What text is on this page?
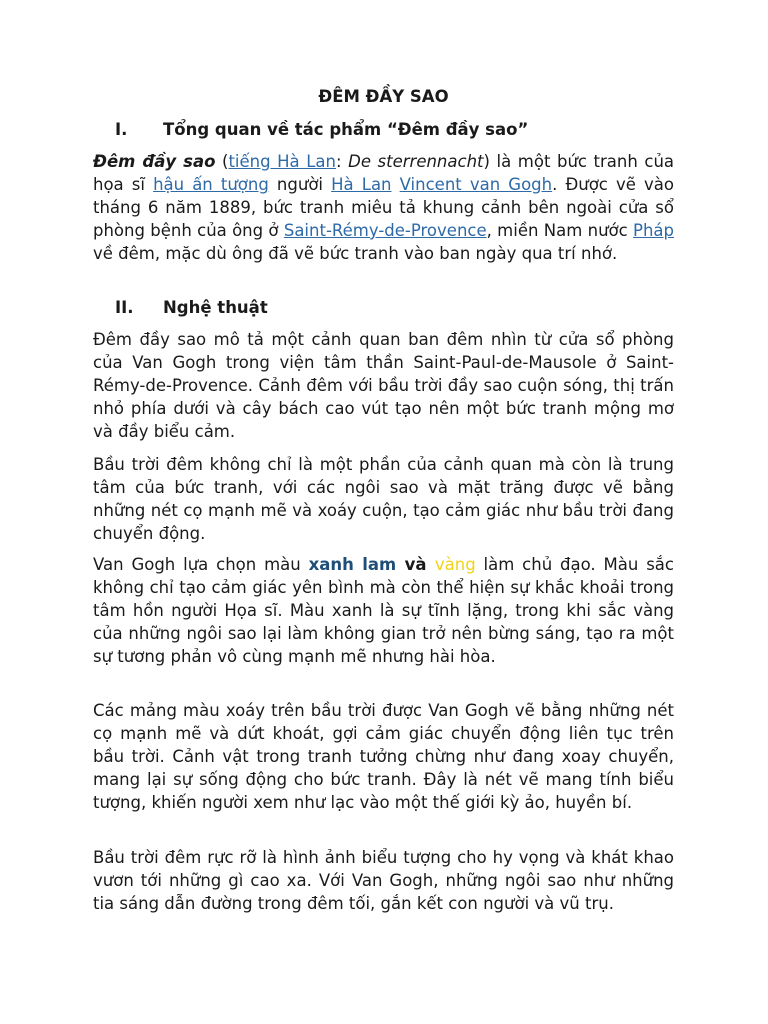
ĐÊM ĐẦY SAO
I. Tổng quan về tác phẩm “Đêm đầy sao”

Đêm đầy sao (tiếng Hà Lan: De sterrennacht) là một bức tranh của họa sĩ hậu ấn tượng người Hà Lan Vincent van Gogh. Được vẽ vào tháng 6 năm 1889, bức tranh miêu tả khung cảnh bên ngoài cửa sổ phòng bệnh của ông ở Saint-Rémy-de-Provence, miền Nam nước Pháp về đêm, mặc dù ông đã vẽ bức tranh vào ban ngày qua trí nhớ.

II. Nghệ thuật

Đêm đầy sao mô tả một cảnh quan ban đêm nhìn từ cửa sổ phòng của Van Gogh trong viện tâm thần Saint-Paul-de-Mausole ở Saint-Rémy-de-Provence. Cảnh đêm với bầu trời đầy sao cuộn sóng, thị trấn nhỏ phía dưới và cây bách cao vút tạo nên một bức tranh mộng mơ và đầy biểu cảm.

Bầu trời đêm không chỉ là một phần của cảnh quan mà còn là trung tâm của bức tranh, với các ngôi sao và mặt trăng được vẽ bằng những nét cọ mạnh mẽ và xoáy cuộn, tạo cảm giác như bầu trời đang chuyển động.

Van Gogh lựa chọn màu xanh lam và vàng làm chủ đạo. Màu sắc không chỉ tạo cảm giác yên bình mà còn thể hiện sự khắc khoải trong tâm hồn người Họa sĩ. Màu xanh là sự tĩnh lặng, trong khi sắc vàng của những ngôi sao lại làm không gian trở nên bừng sáng, tạo ra một sự tương phản vô cùng mạnh mẽ nhưng hài hòa.

Các mảng màu xoáy trên bầu trời được Van Gogh vẽ bằng những nét cọ mạnh mẽ và dứt khoát, gợi cảm giác chuyển động liên tục trên bầu trời. Cảnh vật trong tranh tưởng chừng như đang xoay chuyển, mang lại sự sống động cho bức tranh. Đây là nét vẽ mang tính biểu tượng, khiến người xem như lạc vào một thế giới kỳ ảo, huyền bí.

Bầu trời đêm rực rỡ là hình ảnh biểu tượng cho hy vọng và khát khao vươn tới những gì cao xa. Với Van Gogh, những ngôi sao như những tia sáng dẫn đường trong đêm tối, gắn kết con người và vũ trụ.
